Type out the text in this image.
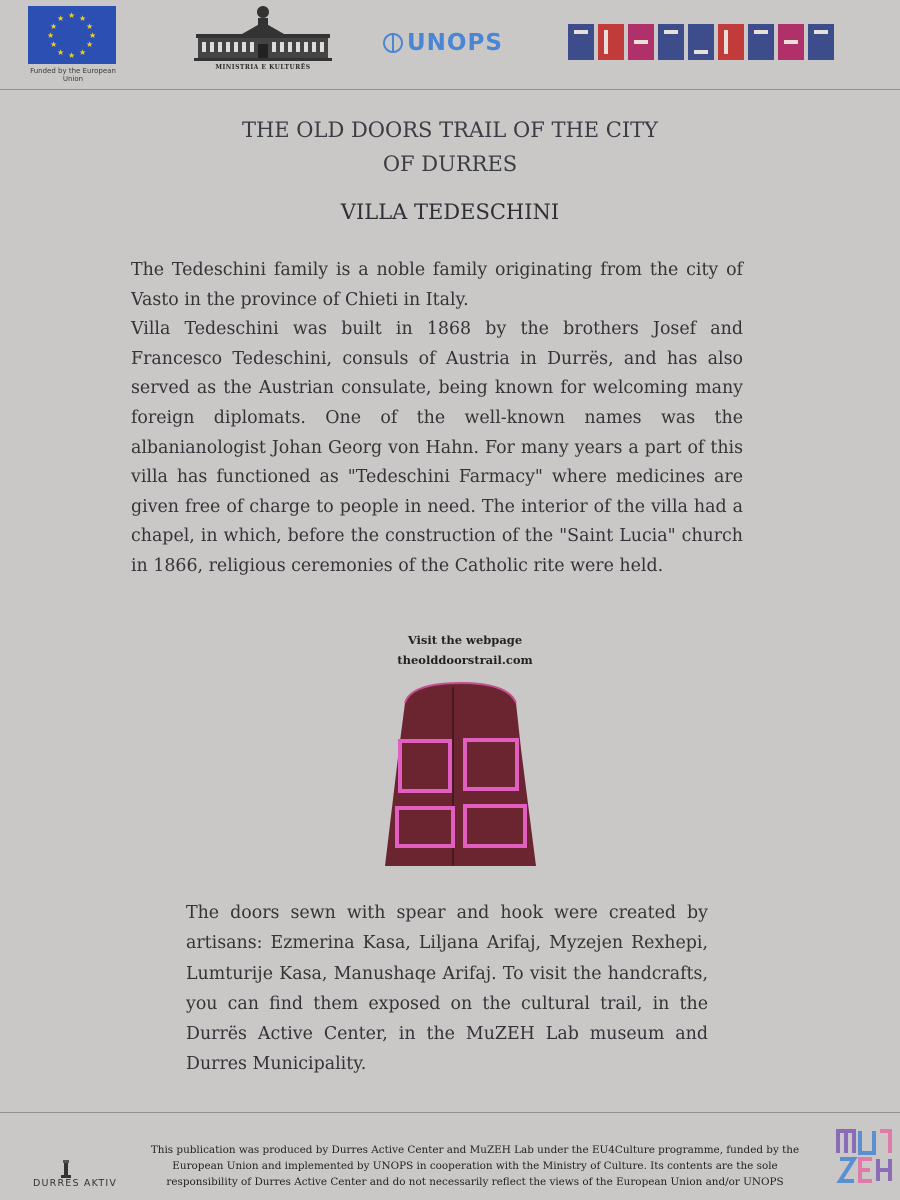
★ ★
★
★
★
★
★
★
★
★
★
★
Funded by the European Union
MINISTRIA E KULTURËS
UNOPS
THE OLD DOORS TRAIL OF THE CITY
OF DURRES
VILLA TEDESCHINI

The Tedeschini family is a noble family originating from the city of Vasto in the province of Chieti in Italy.

Villa Tedeschini was built in 1868 by the brothers Josef and Francesco Tedeschini, consuls of Austria in Durrës, and has also served as the Austrian consulate, being known for welcoming many foreign diplomats. One of the well-known names was the albanianologist Johan Georg von Hahn. For many years a part of this villa has functioned as "Tedeschini Farmacy" where medicines are given free of charge to people in need. The interior of the villa had a chapel, in which, before the construction of the "Saint Lucia" church in 1866, religious ceremonies of the Catholic rite were held.

Visit the webpage
theolddoorstrail.com
The doors sewn with spear and hook were created by artisans: Ezmerina Kasa, Liljana Arifaj, Myzejen Rexhepi, Lumturije Kasa, Manushaqe Arifaj. To visit the handcrafts, you can find them exposed on the cultural trail, in the Durrës Active Center, in the MuZEH Lab museum and Durres Municipality.
DURRES AKTIV
This publication was produced by Durres Active Center and MuZEH Lab under the EU4Culture programme, funded by the
European Union and implemented by UNOPS in cooperation with the Ministry of Culture. Its contents are the sole
responsibility of Durres Active Center and do not necessarily reflect the views of the European Union and/or UNOPS
